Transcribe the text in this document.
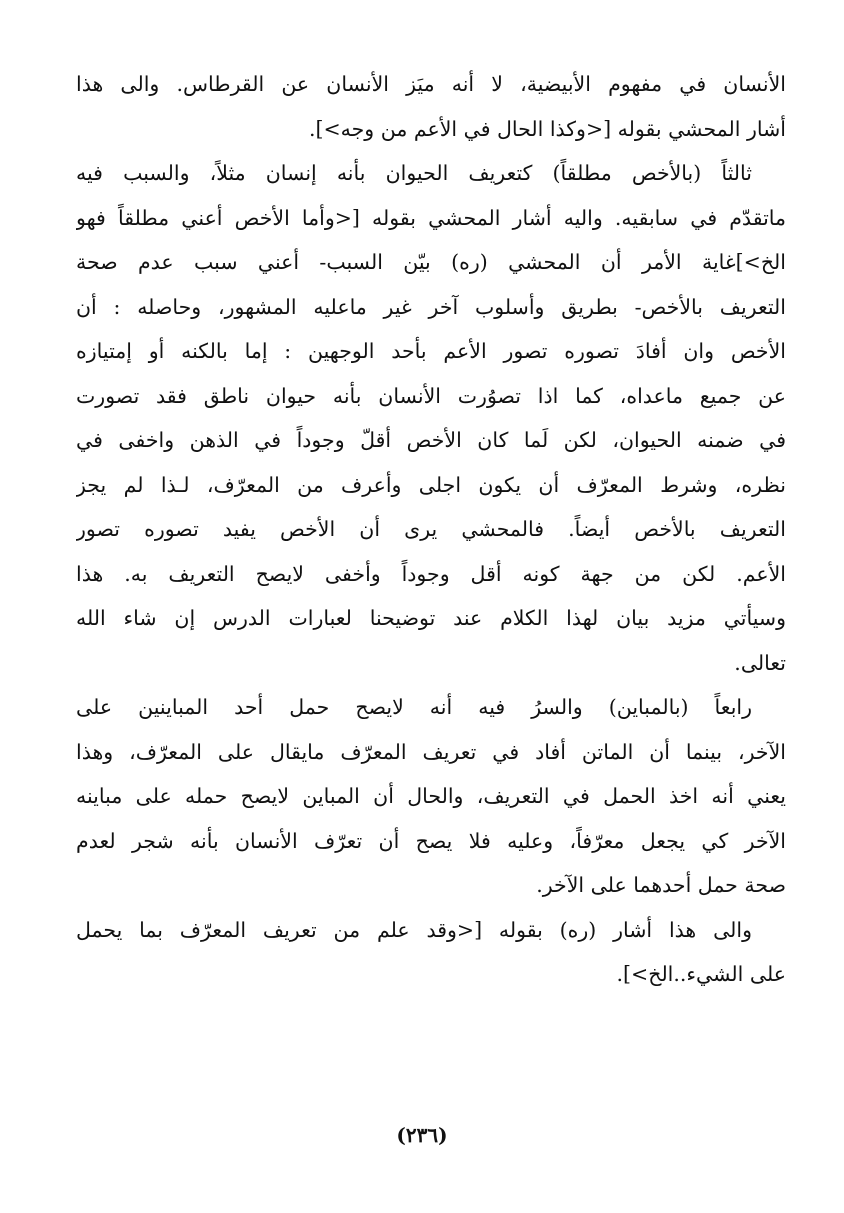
الأنسان في مفهوم الأبيضية، لا أنه ميَز الأنسان عن القرطاس. والى هذا
أشار المحشي بقوله [<وكذا الحال في الأعم من وجه>].
ثالثاً (بالأخص مطلقاً) كتعريف الحيوان بأنه إنسان مثلاً، والسبب فيه
ماتقدّم في سابقيه. واليه أشار المحشي بقوله [<وأما الأخص أعني مطلقاً فهو
الخ>]غاية الأمر أن المحشي (ره) بيّن السبب- أعني سبب عدم صحة
التعريف بالأخص- بطريق وأسلوب آخر غير ماعليه المشهور، وحاصله : أن
الأخص وان أفادَ تصوره تصور الأعم بأحد الوجهين : إما بالكنه أو إمتيازه
عن جميع ماعداه، كما اذا تصوُرت الأنسان بأنه حيوان ناطق فقد تصورت
في ضمنه الحيوان، لكن لَما كان الأخص أقلّ وجوداً في الذهن واخفى في
نظره، وشرط المعرّف أن يكون اجلى وأعرف من المعرّف، لـذا لم يجز
التعريف بالأخص أيضاً. فالمحشي يرى أن الأخص يفيد تصوره تصور
الأعم. لكن من جهة كونه أقل وجوداً وأخفى لايصح التعريف به. هذا
وسيأتي مزيد بيان لهذا الكلام عند توضيحنا لعبارات الدرس إن شاء الله
تعالى.
رابعاً (بالمباين) والسرُ فيه أنه لايصح حمل أحد المباينين على
الآخر، بينما أن الماتن أفاد في تعريف المعرّف مايقال على المعرّف، وهذا
يعني أنه اخذ الحمل في التعريف، والحال أن المباين لايصح حمله على مباينه
الآخر كي يجعل معرّفاً، وعليه فلا يصح أن تعرّف الأنسان بأنه شجر لعدم
صحة حمل أحدهما على الآخر.
والى هذا أشار (ره) بقوله [<وقد علم من تعريف المعرّف بما يحمل
على الشيء..الخ>].
(٢٣٦)
